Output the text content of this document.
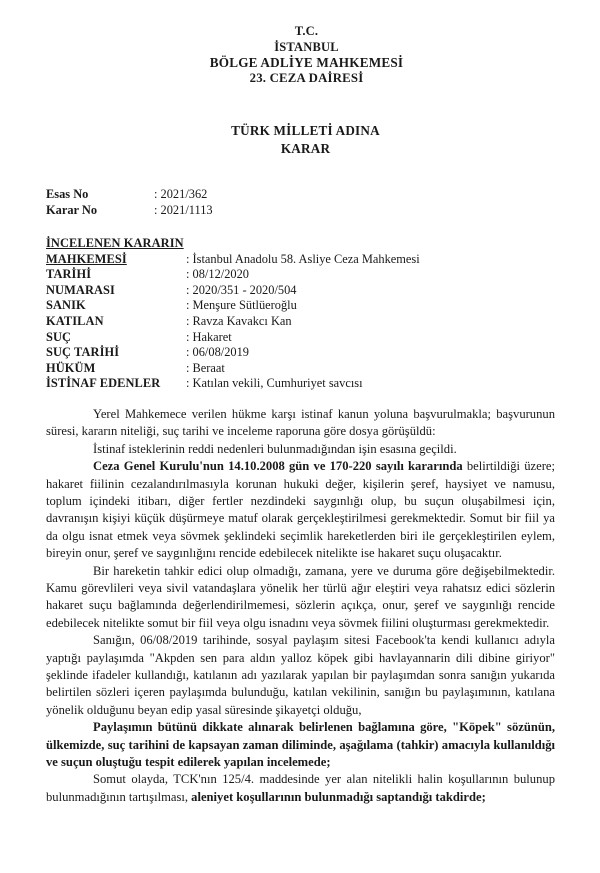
T.C.
İSTANBUL
BÖLGE ADLİYE MAHKEMESİ
23. CEZA DAİRESİ
TÜRK MİLLETİ ADINA
KARAR
Esas No	: 2021/362
Karar No	: 2021/1113
İNCELENEN KARARIN
MAHKEMESİ	: İstanbul Anadolu 58. Asliye Ceza Mahkemesi
TARİHİ	: 08/12/2020
NUMARASI	: 2020/351 - 2020/504
SANIK	: Menşure Sütlüeroğlu
KATILAN	: Ravza Kavakcı Kan
SUÇ	: Hakaret
SUÇ TARİHİ	: 06/08/2019
HÜKÜM	: Beraat
İSTİNAF EDENLER	: Katılan vekili, Cumhuriyet savcısı

Yerel Mahkemece verilen hükme karşı istinaf kanun yoluna başvurulmakla; başvurunun süresi, kararın niteliği, suç tarihi ve inceleme raporuna göre dosya görüşüldü:

İstinaf isteklerinin reddi nedenleri bulunmadığından işin esasına geçildi.

Ceza Genel Kurulu'nun 14.10.2008 gün ve 170-220 sayılı kararında belirtildiği üzere; hakaret fiilinin cezalandırılmasıyla korunan hukuki değer, kişilerin şeref, haysiyet ve namusu, toplum içindeki itibarı, diğer fertler nezdindeki saygınlığı olup, bu suçun oluşabilmesi için, davranışın kişiyi küçük düşürmeye matuf olarak gerçekleştirilmesi gerekmektedir. Somut bir fiil ya da olgu isnat etmek veya sövmek şeklindeki seçimlik hareketlerden biri ile gerçekleştirilen eylem, bireyin onur, şeref ve saygınlığını rencide edebilecek nitelikte ise hakaret suçu oluşacaktır.

Bir hareketin tahkir edici olup olmadığı, zamana, yere ve duruma göre değişebilmektedir. Kamu görevlileri veya sivil vatandaşlara yönelik her türlü ağır eleştiri veya rahatsız edici sözlerin hakaret suçu bağlamında değerlendirilmemesi, sözlerin açıkça, onur, şeref ve saygınlığı rencide edebilecek nitelikte somut bir fiil veya olgu isnadını veya sövmek fiilini oluşturması gerekmektedir.

Sanığın, 06/08/2019 tarihinde, sosyal paylaşım sitesi Facebook'ta kendi kullanıcı adıyla yaptığı paylaşımda "Akpden sen para aldın yalloz köpek gibi havlayannarin dili dibine giriyor" şeklinde ifadeler kullandığı, katılanın adı yazılarak yapılan bir paylaşımdan sonra sanığın yukarıda belirtilen sözleri içeren paylaşımda bulunduğu, katılan vekilinin, sanığın bu paylaşımının, katılana yönelik olduğunu beyan edip yasal süresinde şikayetçi olduğu,

Paylaşımın bütünü dikkate alınarak belirlenen bağlamına göre, "Köpek" sözünün, ülkemizde, suç tarihini de kapsayan zaman diliminde, aşağılama (tahkir) amacıyla kullanıldığı ve suçun oluştuğu tespit edilerek yapılan incelemede;

Somut olayda, TCK'nın 125/4. maddesinde yer alan nitelikli halin koşullarının bulunup bulunmadığının tartışılması, aleniyet koşullarının bulunmadığı saptandığı takdirde;
